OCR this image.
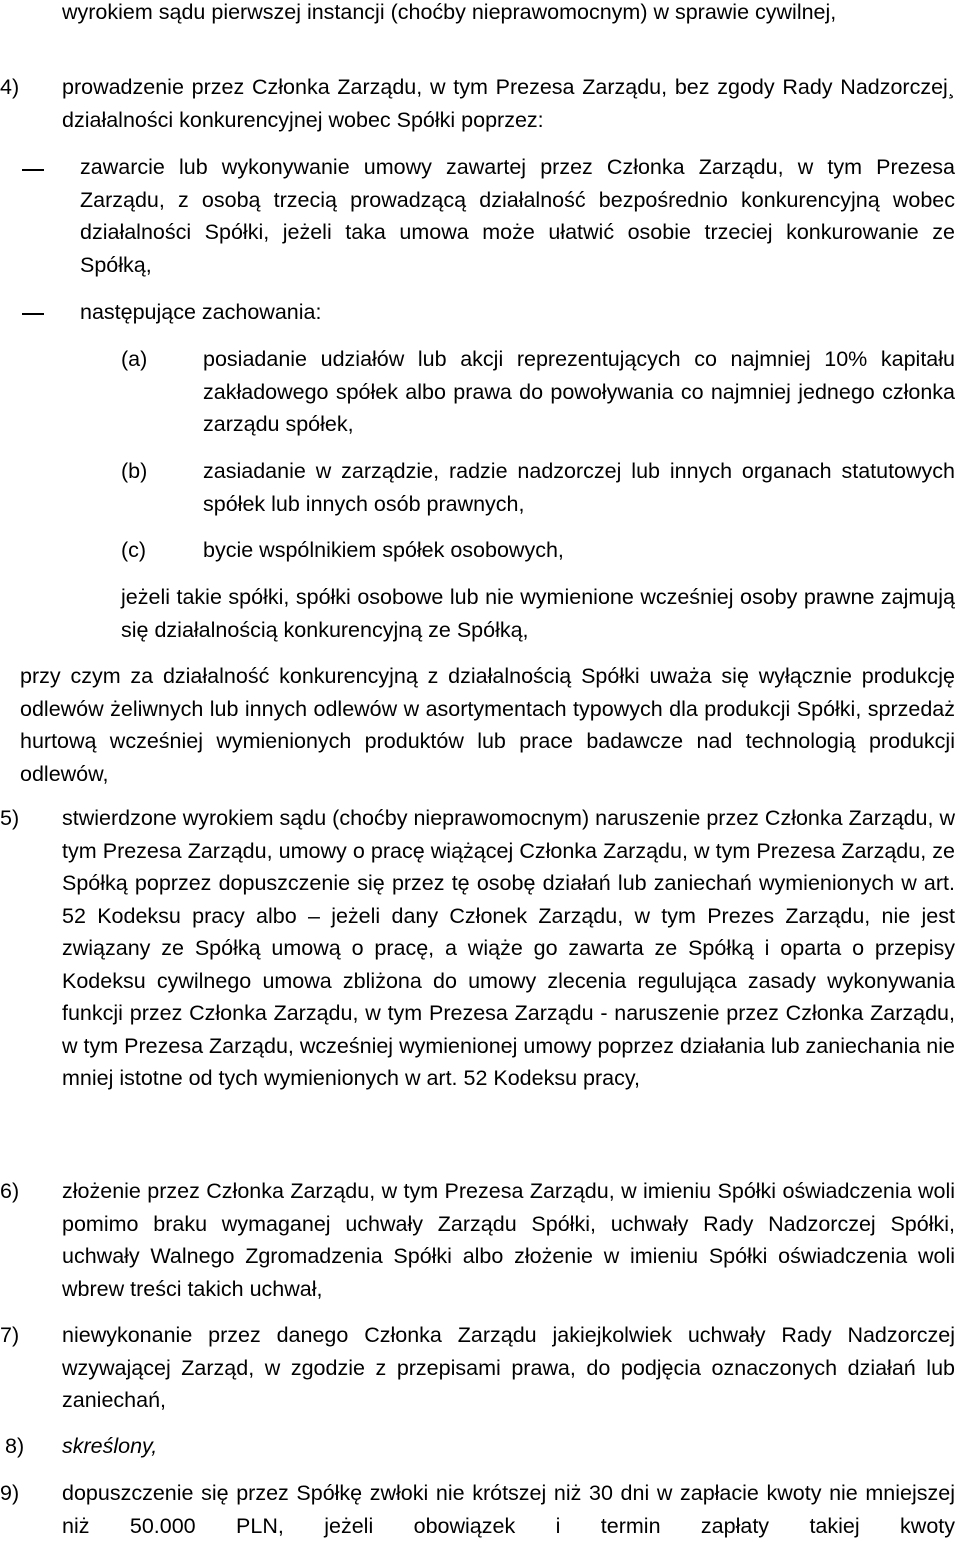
wyrokiem sądu pierwszej instancji (choćby nieprawomocnym) w sprawie cywilnej,

4) prowadzenie przez Członka Zarządu, w tym Prezesa Zarządu, bez zgody Rady Nadzorczej¸ działalności konkurencyjnej wobec Spółki poprzez:

zawarcie lub wykonywanie umowy zawartej przez Członka Zarządu, w tym Prezesa Zarządu, z osobą trzecią prowadzącą działalność bezpośrednio konkurencyjną wobec działalności Spółki, jeżeli taka umowa może ułatwić osobie trzeciej konkurowanie ze Spółką,

następujące zachowania:

(a)	posiadanie udziałów lub akcji reprezentujących co najmniej 10% kapitału zakładowego spółek albo prawa do powoływania co najmniej jednego członka zarządu spółek,

(b)	zasiadanie w zarządzie, radzie nadzorczej lub innych organach statutowych spółek lub innych osób prawnych,

(c)	bycie wspólnikiem spółek osobowych,

jeżeli takie spółki, spółki osobowe lub nie wymienione wcześniej osoby prawne zajmują się działalnością konkurencyjną ze Spółką,

przy czym za działalność konkurencyjną z działalnością Spółki uważa się wyłącznie produkcję odlewów żeliwnych lub innych odlewów w asortymentach typowych dla produkcji Spółki, sprzedaż hurtową wcześniej wymienionych produktów lub prace badawcze nad technologią produkcji odlewów,

5) stwierdzone wyrokiem sądu (choćby nieprawomocnym) naruszenie przez Członka Zarządu, w tym Prezesa Zarządu, umowy o pracę wiążącej Członka Zarządu, w tym Prezesa Zarządu, ze Spółką poprzez dopuszczenie się przez tę osobę działań lub zaniechań wymienionych w art. 52 Kodeksu pracy albo – jeżeli dany Członek Zarządu, w tym Prezes Zarządu, nie jest związany ze Spółką umową o pracę, a wiąże go zawarta ze Spółką i oparta o przepisy Kodeksu cywilnego umowa zbliżona do umowy zlecenia regulująca zasady wykonywania funkcji przez Członka Zarządu, w tym Prezesa Zarządu - naruszenie przez Członka Zarządu, w tym Prezesa Zarządu, wcześniej wymienionej umowy poprzez działania lub zaniechania nie mniej istotne od tych wymienionych w art. 52 Kodeksu pracy,

6) złożenie przez Członka Zarządu, w tym Prezesa Zarządu, w imieniu Spółki oświadczenia woli pomimo braku wymaganej uchwały Zarządu Spółki, uchwały Rady Nadzorczej Spółki, uchwały Walnego Zgromadzenia Spółki albo złożenie w imieniu Spółki oświadczenia woli wbrew treści takich uchwał,

7) niewykonanie przez danego Członka Zarządu jakiejkolwiek uchwały Rady Nadzorczej wzywającej Zarząd, w zgodzie z przepisami prawa, do podjęcia oznaczonych działań lub zaniechań,

8) skreślony,

9) dopuszczenie się przez Spółkę zwłoki nie krótszej niż 30 dni w zapłacie kwoty nie mniejszej niż 50.000 PLN, jeżeli obowiązek i termin zapłaty takiej kwoty
